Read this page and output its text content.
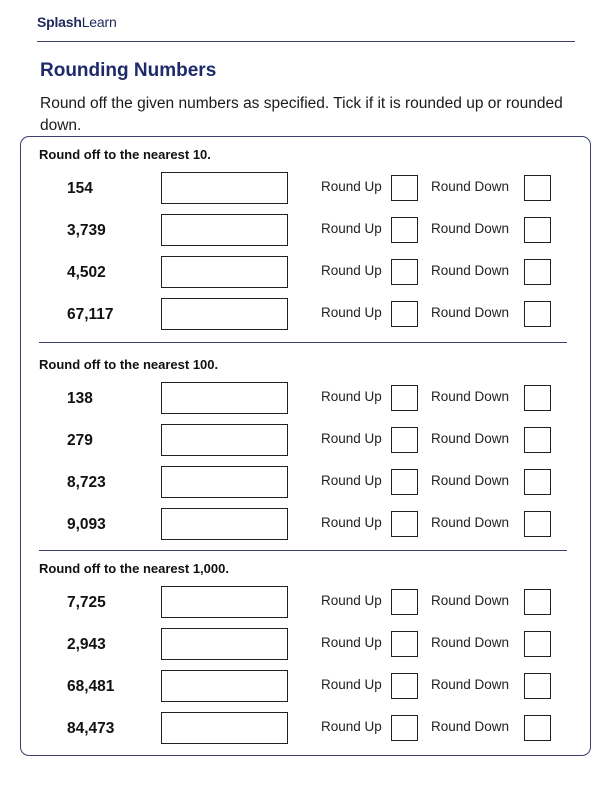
SplashLearn
Rounding Numbers
Round off the given numbers as specified. Tick if it is rounded up or rounded down.
Round off to the nearest 10.
154	Round Up	Round Down
3,739	Round Up	Round Down
4,502	Round Up	Round Down
67,117	Round Up	Round Down
Round off to the nearest 100.
138	Round Up	Round Down
279	Round Up	Round Down
8,723	Round Up	Round Down
9,093	Round Up	Round Down
Round off to the nearest 1,000.
7,725	Round Up	Round Down
2,943	Round Up	Round Down
68,481	Round Up	Round Down
84,473	Round Up	Round Down
